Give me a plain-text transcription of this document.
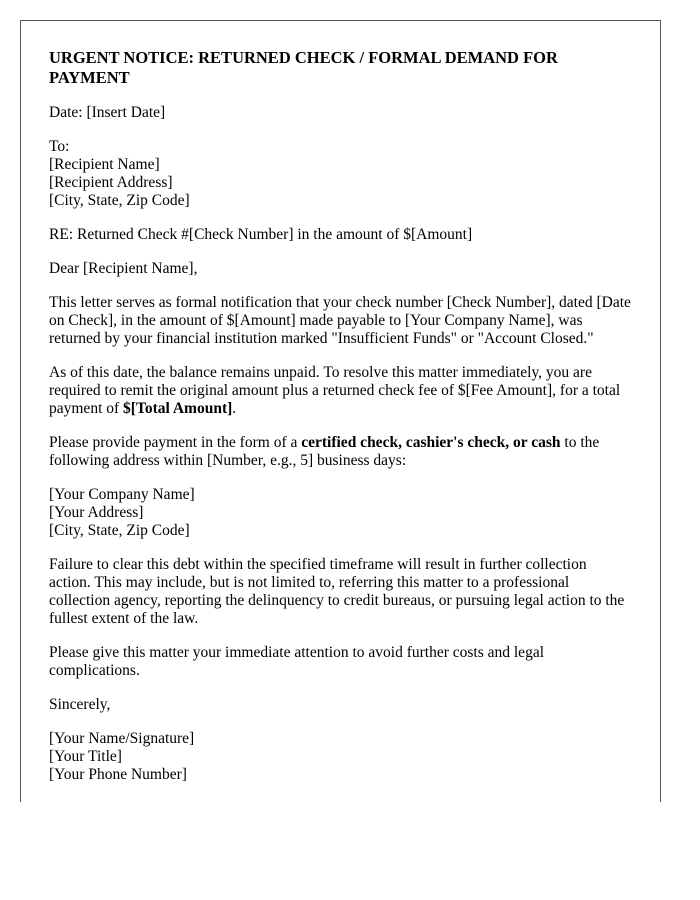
URGENT NOTICE: RETURNED CHECK / FORMAL DEMAND FOR PAYMENT

Date: [Insert Date]

To:
[Recipient Name]
[Recipient Address]
[City, State, Zip Code]

RE: Returned Check #[Check Number] in the amount of $[Amount]

Dear [Recipient Name],

This letter serves as formal notification that your check number [Check Number], dated [Date on Check], in the amount of $[Amount] made payable to [Your Company Name], was returned by your financial institution marked "Insufficient Funds" or "Account Closed."

As of this date, the balance remains unpaid. To resolve this matter immediately, you are required to remit the original amount plus a returned check fee of $[Fee Amount], for a total payment of $[Total Amount].

Please provide payment in the form of a certified check, cashier's check, or cash to the following address within [Number, e.g., 5] business days:

[Your Company Name]
[Your Address]
[City, State, Zip Code]

Failure to clear this debt within the specified timeframe will result in further collection action. This may include, but is not limited to, referring this matter to a professional collection agency, reporting the delinquency to credit bureaus, or pursuing legal action to the fullest extent of the law.

Please give this matter your immediate attention to avoid further costs and legal complications.

Sincerely,

[Your Name/Signature]
[Your Title]
[Your Phone Number]
